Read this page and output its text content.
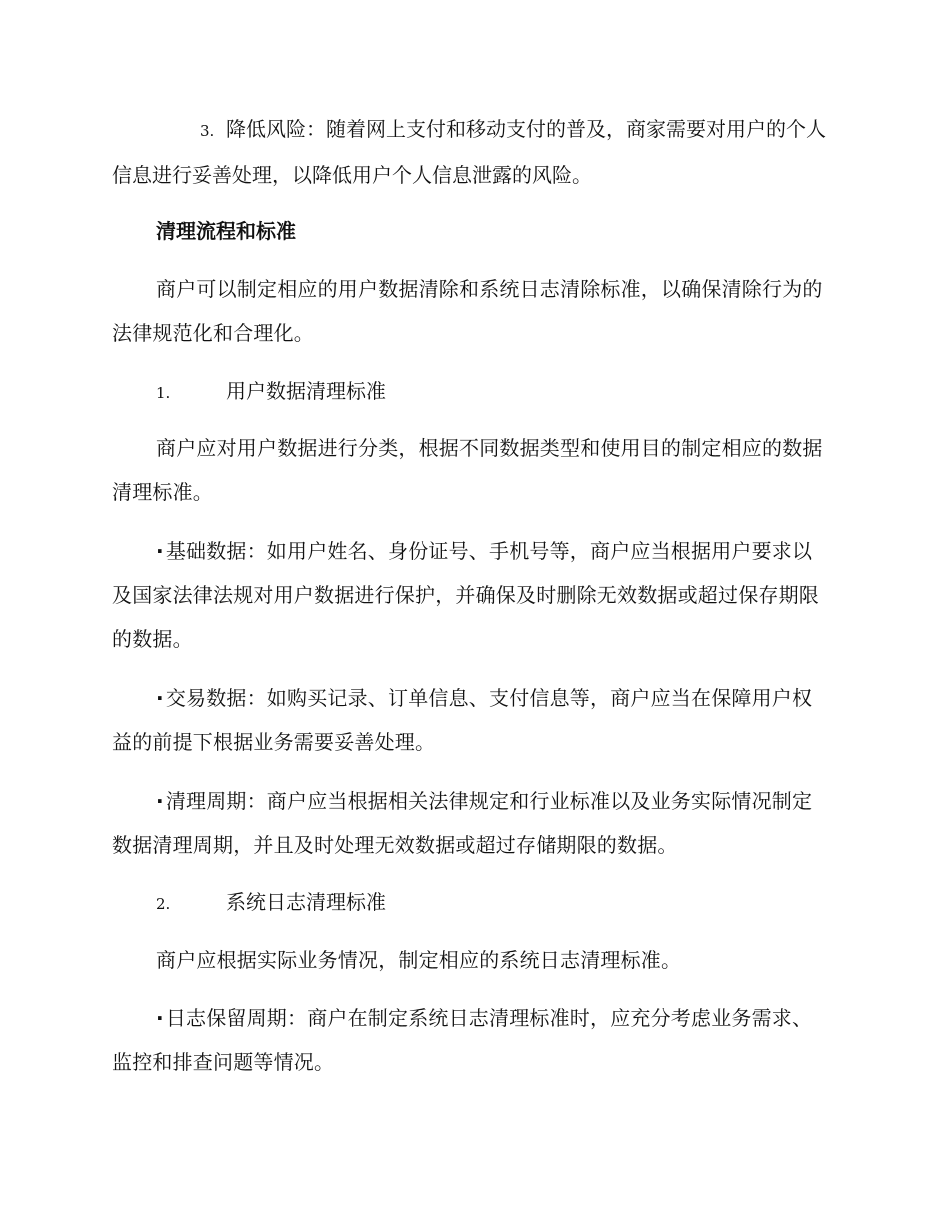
3. 降低风险：随着网上支付和移动支付的普及，商家需要对用户的个人信息进行妥善处理，以降低用户个人信息泄露的风险。

清理流程和标准

商户可以制定相应的用户数据清除和系统日志清除标准，以确保清除行为的法律规范化和合理化。

1.	用户数据清理标准

商户应对用户数据进行分类，根据不同数据类型和使用目的制定相应的数据清理标准。

· 基础数据：如用户姓名、身份证号、手机号等，商户应当根据用户要求以及国家法律法规对用户数据进行保护，并确保及时删除无效数据或超过保存期限的数据。

· 交易数据：如购买记录、订单信息、支付信息等，商户应当在保障用户权益的前提下根据业务需要妥善处理。

· 清理周期：商户应当根据相关法律规定和行业标准以及业务实际情况制定数据清理周期，并且及时处理无效数据或超过存储期限的数据。

2.	系统日志清理标准

商户应根据实际业务情况，制定相应的系统日志清理标准。

· 日志保留周期：商户在制定系统日志清理标准时，应充分考虑业务需求、监控和排查问题等情况。
